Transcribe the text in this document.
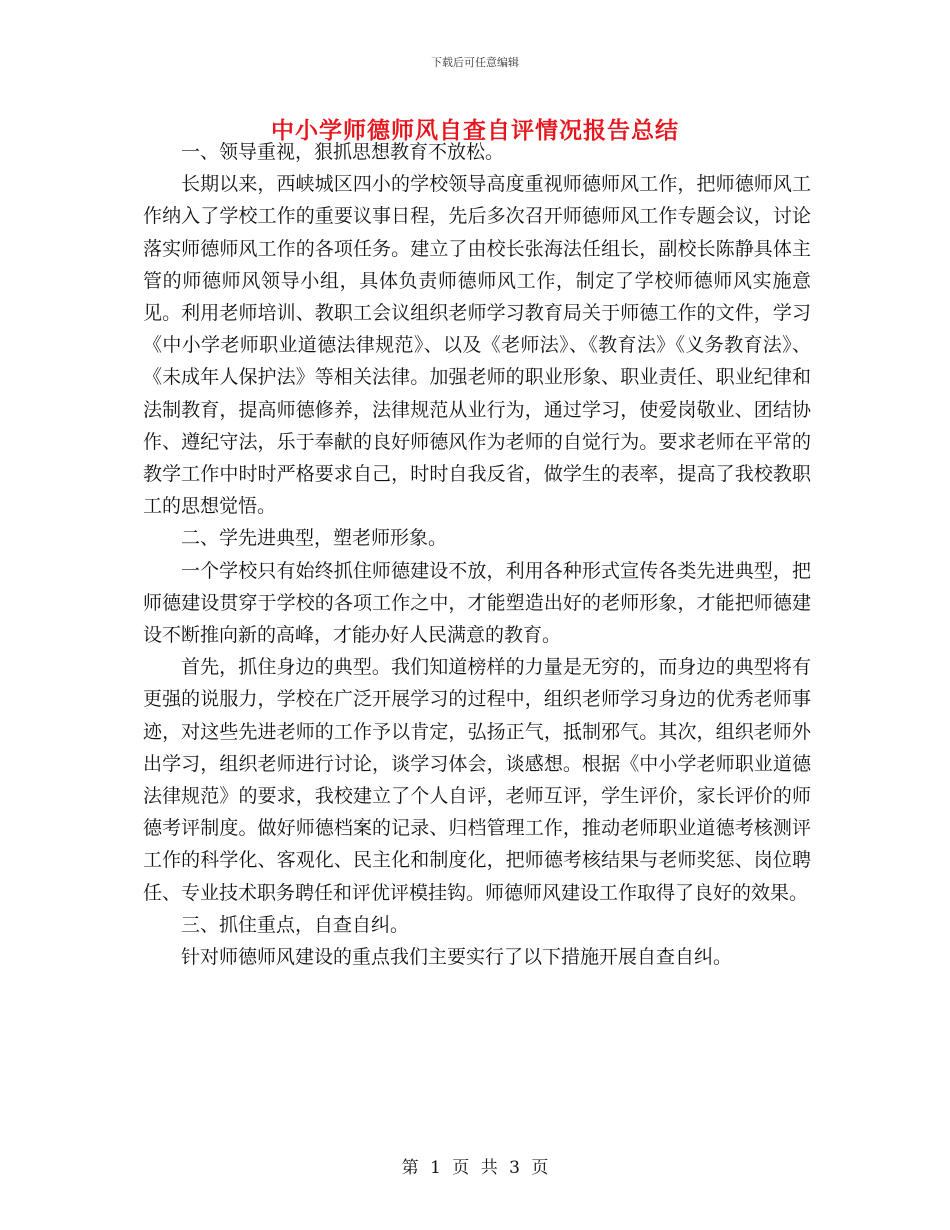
下载后可任意编辑
中小学师德师风自查自评情况报告总结

一、领导重视，狠抓思想教育不放松。

长期以来，西峡城区四小的学校领导高度重视师德师风工作，把师德师风工作纳入了学校工作的重要议事日程，先后多次召开师德师风工作专题会议，讨论落实师德师风工作的各项任务。建立了由校长张海法任组长，副校长陈静具体主管的师德师风领导小组，具体负责师德师风工作，制定了学校师德师风实施意见。利用老师培训、教职工会议组织老师学习教育局关于师德工作的文件，学习《中小学老师职业道德法律规范》、以及《老师法》、《教育法》《义务教育法》、《未成年人保护法》等相关法律。加强老师的职业形象、职业责任、职业纪律和法制教育，提高师德修养，法律规范从业行为，通过学习，使爱岗敬业、团结协作、遵纪守法，乐于奉献的良好师德风作为老师的自觉行为。要求老师在平常的教学工作中时时严格要求自己，时时自我反省，做学生的表率，提高了我校教职工的思想觉悟。

二、学先进典型，塑老师形象。

一个学校只有始终抓住师德建设不放，利用各种形式宣传各类先进典型，把师德建设贯穿于学校的各项工作之中，才能塑造出好的老师形象，才能把师德建设不断推向新的高峰，才能办好人民满意的教育。

首先，抓住身边的典型。我们知道榜样的力量是无穷的，而身边的典型将有更强的说服力，学校在广泛开展学习的过程中，组织老师学习身边的优秀老师事迹，对这些先进老师的工作予以肯定，弘扬正气，抵制邪气。其次，组织老师外出学习，组织老师进行讨论，谈学习体会，谈感想。根据《中小学老师职业道德法律规范》的要求，我校建立了个人自评，老师互评，学生评价，家长评价的师德考评制度。做好师德档案的记录、归档管理工作，推动老师职业道德考核测评工作的科学化、客观化、民主化和制度化，把师德考核结果与老师奖惩、岗位聘任、专业技术职务聘任和评优评模挂钩。师德师风建设工作取得了良好的效果。

三、抓住重点，自查自纠。

针对师德师风建设的重点我们主要实行了以下措施开展自查自纠。

第 1 页 共 3 页
